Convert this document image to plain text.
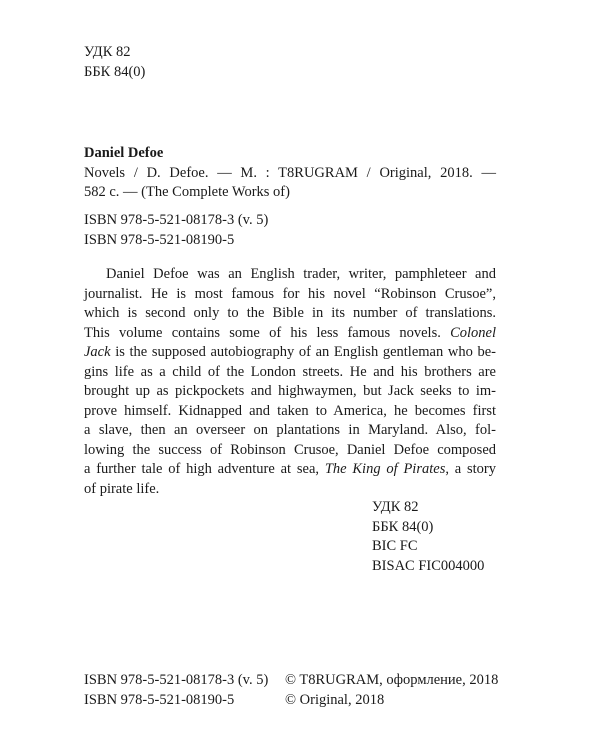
УДК 82
ББК 84(0)
Daniel Defoe
Novels / D. Defoe. — M. : T8RUGRAM / Original, 2018. —
582 с. — (The Complete Works of)
ISBN 978-5-521-08178-3 (v. 5)
ISBN 978-5-521-08190-5
Daniel Defoe was an English trader, writer, pamphleteer and
journalist. He is most famous for his novel “Robinson Crusoe”,
which is second only to the Bible in its number of translations.
This volume contains some of his less famous novels. Colonel
Jack is the supposed autobiography of an English gentleman who be-
gins life as a child of the London streets. He and his brothers are
brought up as pickpockets and highwaymen, but Jack seeks to im-
prove himself. Kidnapped and taken to America, he becomes first
a slave, then an overseer on plantations in Maryland. Also, fol-
lowing the success of Robinson Crusoe, Daniel Defoe composed
a further tale of high adventure at sea, The King of Pirates, a story
of pirate life.
УДК 82
ББК 84(0)
BIC FC
BISAC FIC004000
ISBN 978-5-521-08178-3 (v. 5)
ISBN 978-5-521-08190-5
© T8RUGRAM, оформление, 2018
© Original, 2018
